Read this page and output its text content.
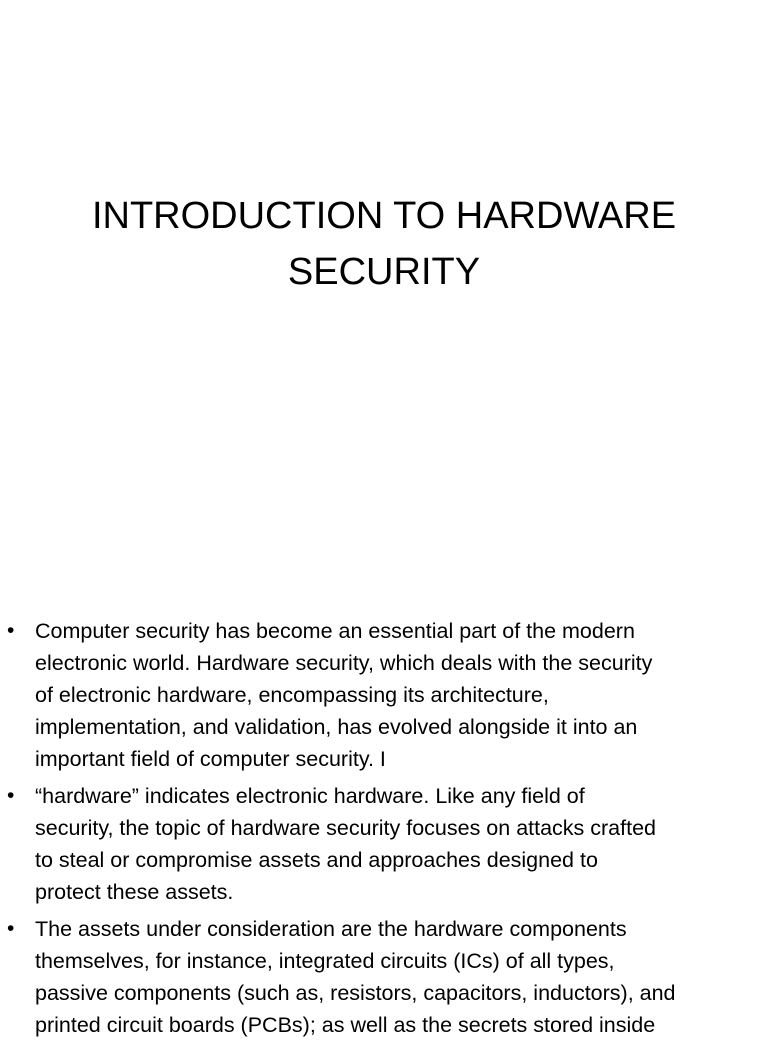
INTRODUCTION TO HARDWARE
SECURITY
• Computer security has become an essential part of the modern
electronic world. Hardware security, which deals with the security
of electronic hardware, encompassing its architecture,
implementation, and validation, has evolved alongside it into an
important field of computer security. I
• “hardware” indicates electronic hardware. Like any field of
security, the topic of hardware security focuses on attacks crafted
to steal or compromise assets and approaches designed to
protect these assets.
• The assets under consideration are the hardware components
themselves, for instance, integrated circuits (ICs) of all types,
passive components (such as, resistors, capacitors, inductors), and
printed circuit boards (PCBs); as well as the secrets stored inside
